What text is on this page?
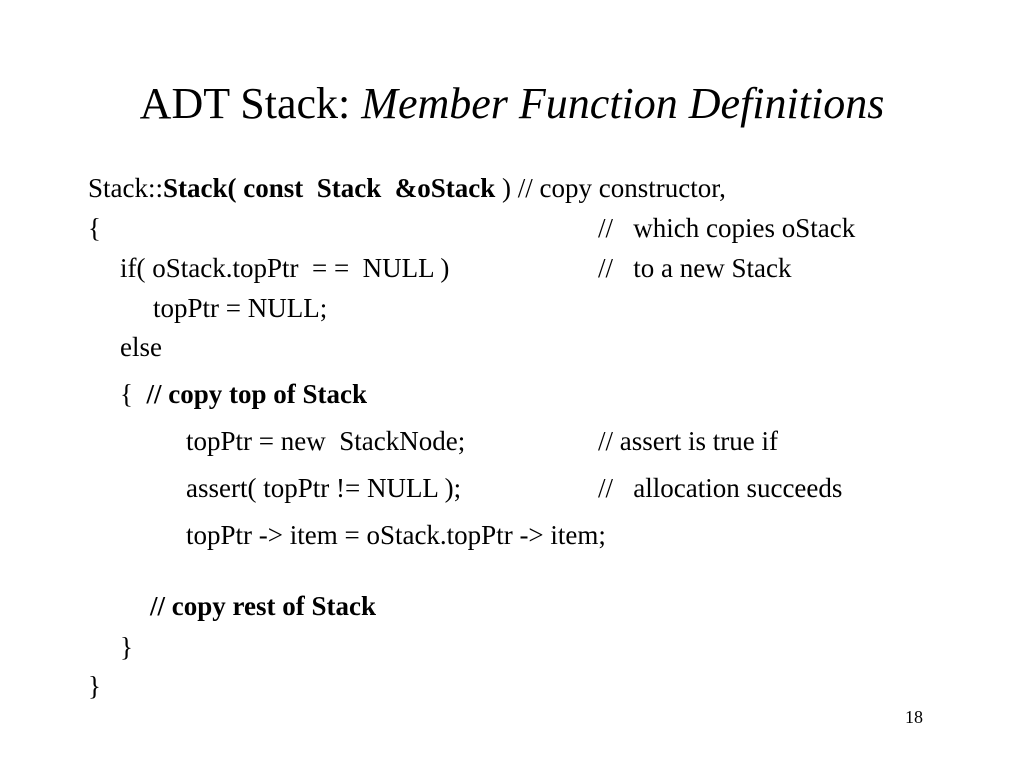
ADT Stack: Member Function Definitions
Stack::Stack( const  Stack  &oStack ) // copy constructor,
{	//   which copies oStack
if( oStack.topPtr  = =  NULL )	//   to a new Stack
topPtr = NULL;
else
{  // copy top of Stack
topPtr = new  StackNode;	// assert is true if
assert( topPtr != NULL );	//   allocation succeeds
topPtr -> item = oStack.topPtr -> item;
// copy rest of Stack
}
}
18
